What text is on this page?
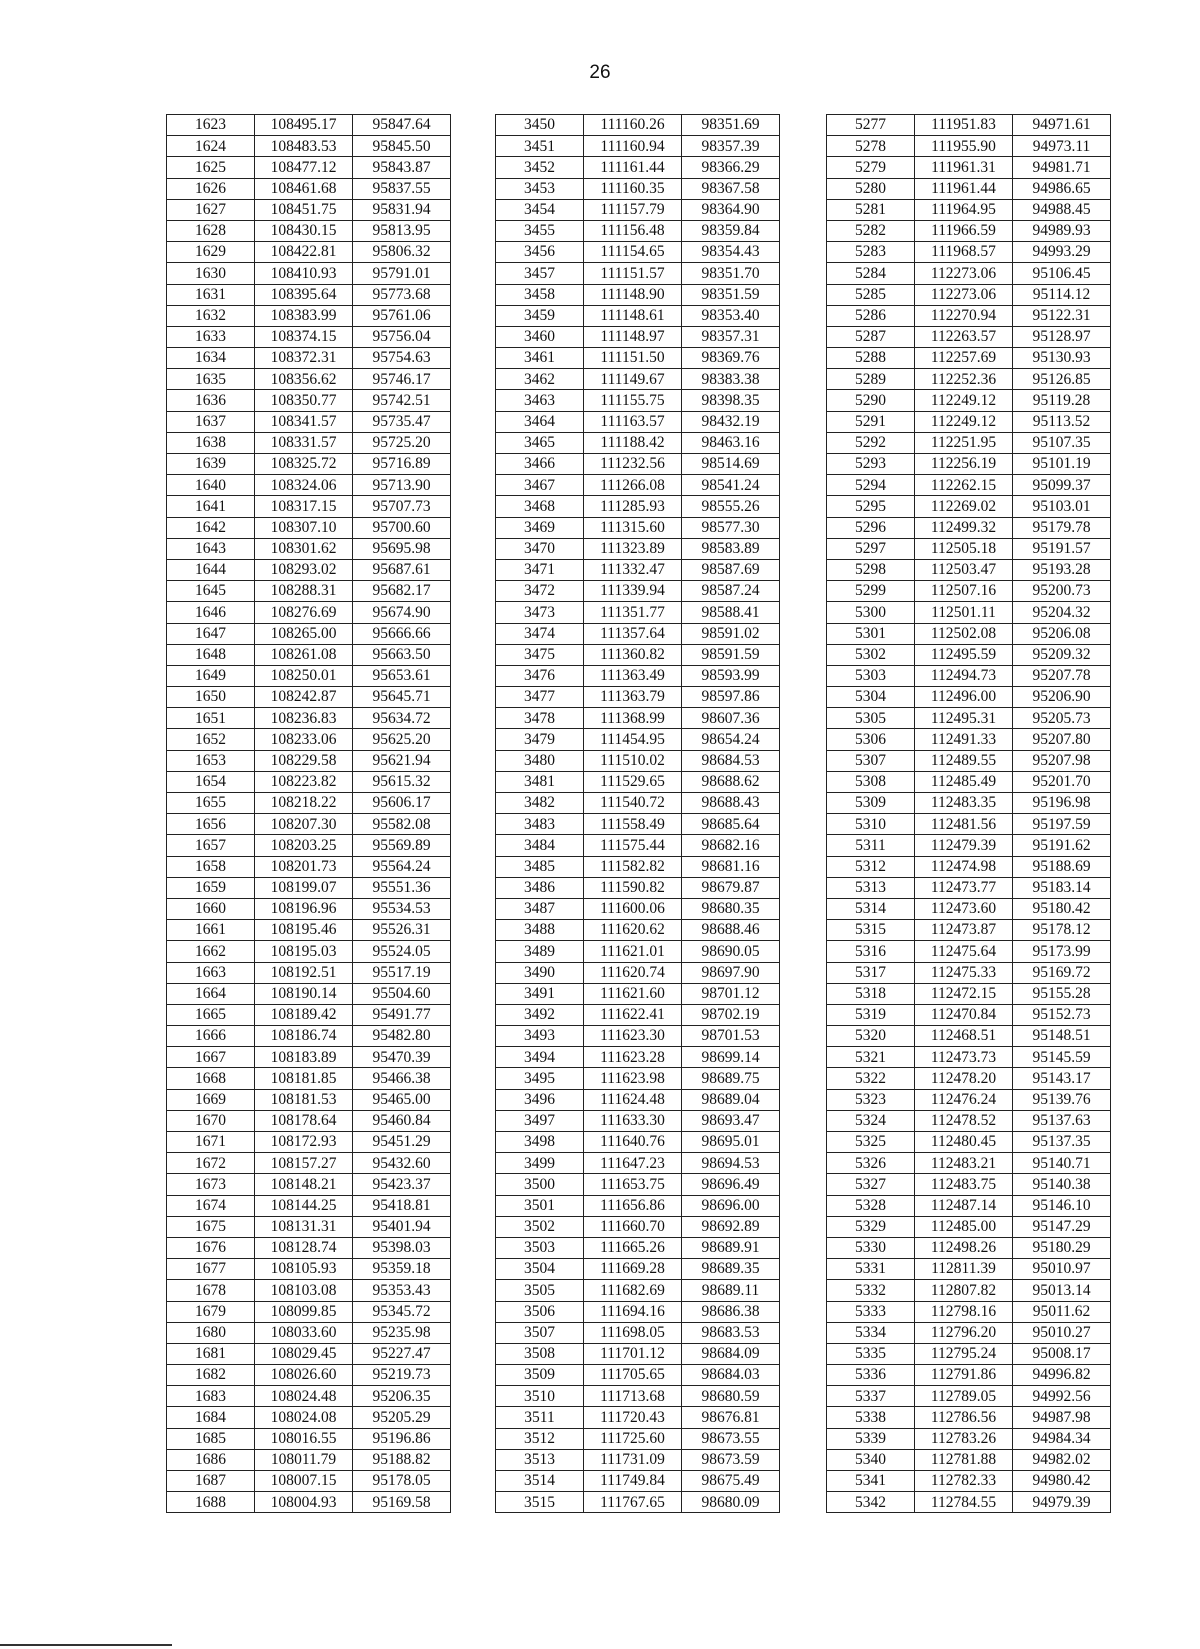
26
1623	108495.17	95847.64
1624	108483.53	95845.50
1625	108477.12	95843.87
1626	108461.68	95837.55
1627	108451.75	95831.94
1628	108430.15	95813.95
1629	108422.81	95806.32
1630	108410.93	95791.01
1631	108395.64	95773.68
1632	108383.99	95761.06
1633	108374.15	95756.04
1634	108372.31	95754.63
1635	108356.62	95746.17
1636	108350.77	95742.51
1637	108341.57	95735.47
1638	108331.57	95725.20
1639	108325.72	95716.89
1640	108324.06	95713.90
1641	108317.15	95707.73
1642	108307.10	95700.60
1643	108301.62	95695.98
1644	108293.02	95687.61
1645	108288.31	95682.17
1646	108276.69	95674.90
1647	108265.00	95666.66
1648	108261.08	95663.50
1649	108250.01	95653.61
1650	108242.87	95645.71
1651	108236.83	95634.72
1652	108233.06	95625.20
1653	108229.58	95621.94
1654	108223.82	95615.32
1655	108218.22	95606.17
1656	108207.30	95582.08
1657	108203.25	95569.89
1658	108201.73	95564.24
1659	108199.07	95551.36
1660	108196.96	95534.53
1661	108195.46	95526.31
1662	108195.03	95524.05
1663	108192.51	95517.19
1664	108190.14	95504.60
1665	108189.42	95491.77
1666	108186.74	95482.80
1667	108183.89	95470.39
1668	108181.85	95466.38
1669	108181.53	95465.00
1670	108178.64	95460.84
1671	108172.93	95451.29
1672	108157.27	95432.60
1673	108148.21	95423.37
1674	108144.25	95418.81
1675	108131.31	95401.94
1676	108128.74	95398.03
1677	108105.93	95359.18
1678	108103.08	95353.43
1679	108099.85	95345.72
1680	108033.60	95235.98
1681	108029.45	95227.47
1682	108026.60	95219.73
1683	108024.48	95206.35
1684	108024.08	95205.29
1685	108016.55	95196.86
1686	108011.79	95188.82
1687	108007.15	95178.05
1688	108004.93	95169.58
3450	111160.26	98351.69
3451	111160.94	98357.39
3452	111161.44	98366.29
3453	111160.35	98367.58
3454	111157.79	98364.90
3455	111156.48	98359.84
3456	111154.65	98354.43
3457	111151.57	98351.70
3458	111148.90	98351.59
3459	111148.61	98353.40
3460	111148.97	98357.31
3461	111151.50	98369.76
3462	111149.67	98383.38
3463	111155.75	98398.35
3464	111163.57	98432.19
3465	111188.42	98463.16
3466	111232.56	98514.69
3467	111266.08	98541.24
3468	111285.93	98555.26
3469	111315.60	98577.30
3470	111323.89	98583.89
3471	111332.47	98587.69
3472	111339.94	98587.24
3473	111351.77	98588.41
3474	111357.64	98591.02
3475	111360.82	98591.59
3476	111363.49	98593.99
3477	111363.79	98597.86
3478	111368.99	98607.36
3479	111454.95	98654.24
3480	111510.02	98684.53
3481	111529.65	98688.62
3482	111540.72	98688.43
3483	111558.49	98685.64
3484	111575.44	98682.16
3485	111582.82	98681.16
3486	111590.82	98679.87
3487	111600.06	98680.35
3488	111620.62	98688.46
3489	111621.01	98690.05
3490	111620.74	98697.90
3491	111621.60	98701.12
3492	111622.41	98702.19
3493	111623.30	98701.53
3494	111623.28	98699.14
3495	111623.98	98689.75
3496	111624.48	98689.04
3497	111633.30	98693.47
3498	111640.76	98695.01
3499	111647.23	98694.53
3500	111653.75	98696.49
3501	111656.86	98696.00
3502	111660.70	98692.89
3503	111665.26	98689.91
3504	111669.28	98689.35
3505	111682.69	98689.11
3506	111694.16	98686.38
3507	111698.05	98683.53
3508	111701.12	98684.09
3509	111705.65	98684.03
3510	111713.68	98680.59
3511	111720.43	98676.81
3512	111725.60	98673.55
3513	111731.09	98673.59
3514	111749.84	98675.49
3515	111767.65	98680.09
5277	111951.83	94971.61
5278	111955.90	94973.11
5279	111961.31	94981.71
5280	111961.44	94986.65
5281	111964.95	94988.45
5282	111966.59	94989.93
5283	111968.57	94993.29
5284	112273.06	95106.45
5285	112273.06	95114.12
5286	112270.94	95122.31
5287	112263.57	95128.97
5288	112257.69	95130.93
5289	112252.36	95126.85
5290	112249.12	95119.28
5291	112249.12	95113.52
5292	112251.95	95107.35
5293	112256.19	95101.19
5294	112262.15	95099.37
5295	112269.02	95103.01
5296	112499.32	95179.78
5297	112505.18	95191.57
5298	112503.47	95193.28
5299	112507.16	95200.73
5300	112501.11	95204.32
5301	112502.08	95206.08
5302	112495.59	95209.32
5303	112494.73	95207.78
5304	112496.00	95206.90
5305	112495.31	95205.73
5306	112491.33	95207.80
5307	112489.55	95207.98
5308	112485.49	95201.70
5309	112483.35	95196.98
5310	112481.56	95197.59
5311	112479.39	95191.62
5312	112474.98	95188.69
5313	112473.77	95183.14
5314	112473.60	95180.42
5315	112473.87	95178.12
5316	112475.64	95173.99
5317	112475.33	95169.72
5318	112472.15	95155.28
5319	112470.84	95152.73
5320	112468.51	95148.51
5321	112473.73	95145.59
5322	112478.20	95143.17
5323	112476.24	95139.76
5324	112478.52	95137.63
5325	112480.45	95137.35
5326	112483.21	95140.71
5327	112483.75	95140.38
5328	112487.14	95146.10
5329	112485.00	95147.29
5330	112498.26	95180.29
5331	112811.39	95010.97
5332	112807.82	95013.14
5333	112798.16	95011.62
5334	112796.20	95010.27
5335	112795.24	95008.17
5336	112791.86	94996.82
5337	112789.05	94992.56
5338	112786.56	94987.98
5339	112783.26	94984.34
5340	112781.88	94982.02
5341	112782.33	94980.42
5342	112784.55	94979.39
